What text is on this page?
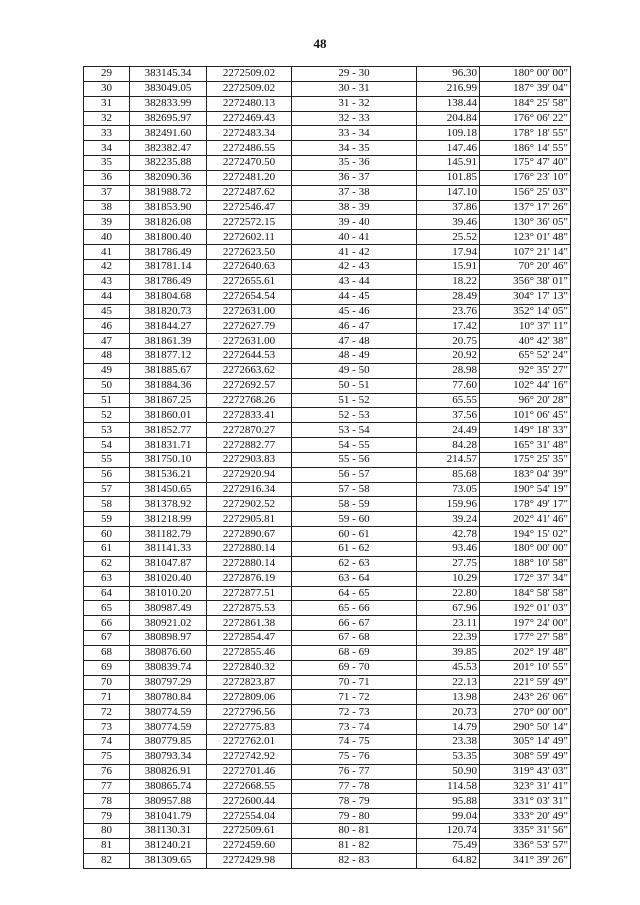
48
29	383145.34	2272509.02	29 - 30	96.30	180° 00' 00"
30	383049.05	2272509.02	30 - 31	216.99	187° 39' 04"
31	382833.99	2272480.13	31 - 32	138.44	184° 25' 58"
32	382695.97	2272469.43	32 - 33	204.84	176° 06' 22"
33	382491.60	2272483.34	33 - 34	109.18	178° 18' 55"
34	382382.47	2272486.55	34 - 35	147.46	186° 14' 55"
35	382235.88	2272470.50	35 - 36	145.91	175° 47' 40"
36	382090.36	2272481.20	36 - 37	101.85	176° 23' 10"
37	381988.72	2272487.62	37 - 38	147.10	156° 25' 03"
38	381853.90	2272546.47	38 - 39	37.86	137° 17' 26"
39	381826.08	2272572.15	39 - 40	39.46	130° 36' 05"
40	381800.40	2272602.11	40 - 41	25.52	123° 01' 48"
41	381786.49	2272623.50	41 - 42	17.94	107° 21' 14"
42	381781.14	2272640.63	42 - 43	15.91	70° 20' 46"
43	381786.49	2272655.61	43 - 44	18.22	356° 38' 01"
44	381804.68	2272654.54	44 - 45	28.49	304° 17' 13"
45	381820.73	2272631.00	45 - 46	23.76	352° 14' 05"
46	381844.27	2272627.79	46 - 47	17.42	10° 37' 11"
47	381861.39	2272631.00	47 - 48	20.75	40° 42' 38"
48	381877.12	2272644.53	48 - 49	20.92	65° 52' 24"
49	381885.67	2272663.62	49 - 50	28.98	92° 35' 27"
50	381884.36	2272692.57	50 - 51	77.60	102° 44' 16"
51	381867.25	2272768.26	51 - 52	65.55	96° 20' 28"
52	381860.01	2272833.41	52 - 53	37.56	101° 06' 45"
53	381852.77	2272870.27	53 - 54	24.49	149° 18' 33"
54	381831.71	2272882.77	54 - 55	84.28	165° 31' 48"
55	381750.10	2272903.83	55 - 56	214.57	175° 25' 35"
56	381536.21	2272920.94	56 - 57	85.68	183° 04' 39"
57	381450.65	2272916.34	57 - 58	73.05	190° 54' 19"
58	381378.92	2272902.52	58 - 59	159.96	178° 49' 17"
59	381218.99	2272905.81	59 - 60	39.24	202° 41' 46"
60	381182.79	2272890.67	60 - 61	42.78	194° 15' 02"
61	381141.33	2272880.14	61 - 62	93.46	180° 00' 00"
62	381047.87	2272880.14	62 - 63	27.75	188° 10' 58"
63	381020.40	2272876.19	63 - 64	10.29	172° 37' 34"
64	381010.20	2272877.51	64 - 65	22.80	184° 58' 58"
65	380987.49	2272875.53	65 - 66	67.96	192° 01' 03"
66	380921.02	2272861.38	66 - 67	23.11	197° 24' 00"
67	380898.97	2272854.47	67 - 68	22.39	177° 27' 58"
68	380876.60	2272855.46	68 - 69	39.85	202° 19' 48"
69	380839.74	2272840.32	69 - 70	45.53	201° 10' 55"
70	380797.29	2272823.87	70 - 71	22.13	221° 59' 49"
71	380780.84	2272809.06	71 - 72	13.98	243° 26' 06"
72	380774.59	2272796.56	72 - 73	20.73	270° 00' 00"
73	380774.59	2272775.83	73 - 74	14.79	290° 50' 14"
74	380779.85	2272762.01	74 - 75	23.38	305° 14' 49"
75	380793.34	2272742.92	75 - 76	53.35	308° 59' 49"
76	380826.91	2272701.46	76 - 77	50.90	319° 43' 03"
77	380865.74	2272668.55	77 - 78	114.58	323° 31' 41"
78	380957.88	2272600.44	78 - 79	95.88	331° 03' 31"
79	381041.79	2272554.04	79 - 80	99.04	333° 20' 49"
80	381130.31	2272509.61	80 - 81	120.74	335° 31' 56"
81	381240.21	2272459.60	81 - 82	75.49	336° 53' 57"
82	381309.65	2272429.98	82 - 83	64.82	341° 39' 26"
